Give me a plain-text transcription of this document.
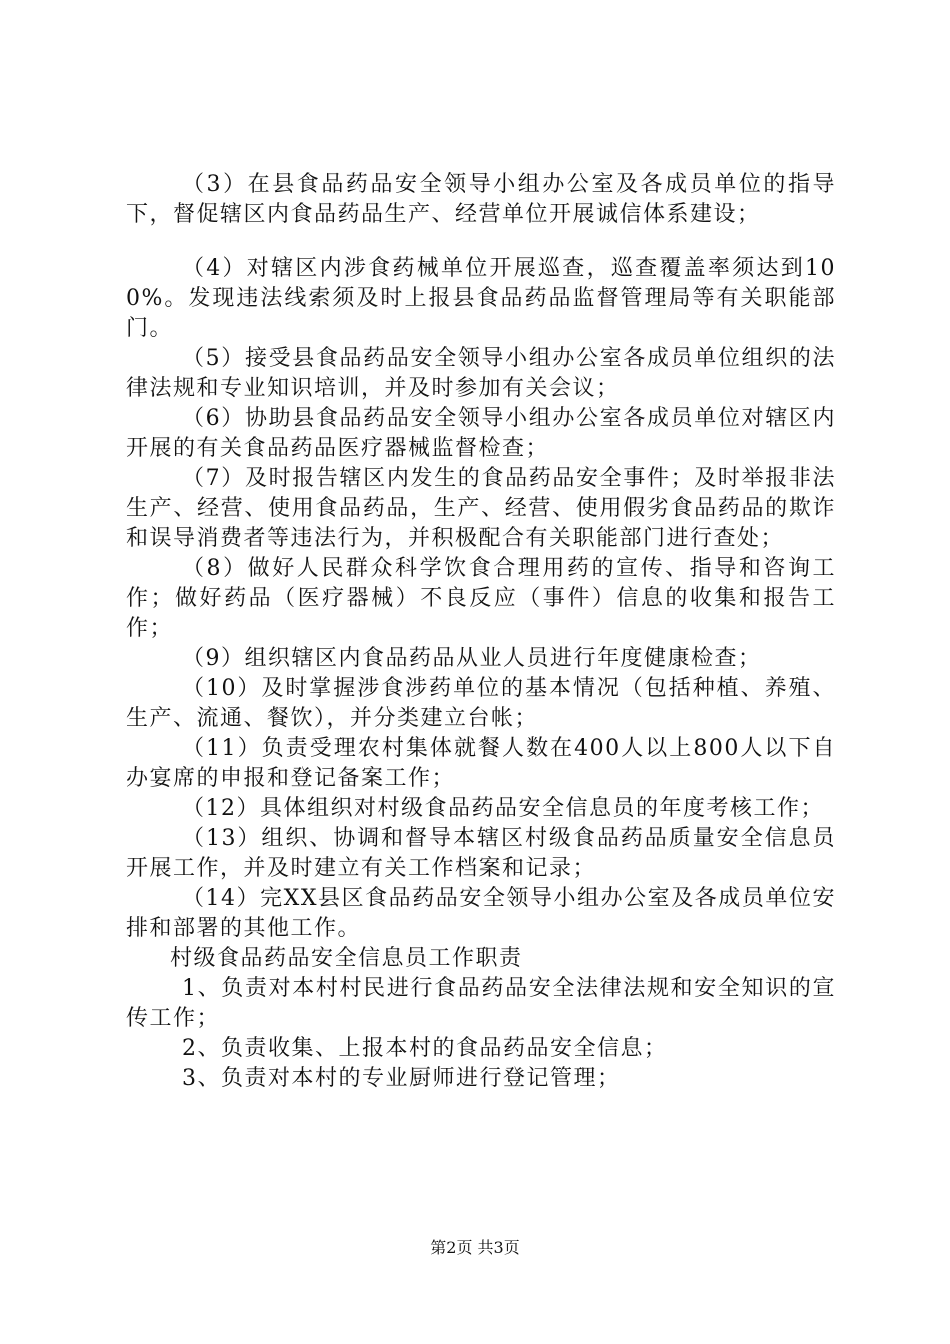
（3）在县食品药品安全领导小组办公室及各成员单位的指导下，督促辖区内食品药品生产、经营单位开展诚信体系建设；

（4）对辖区内涉食药械单位开展巡查，巡查覆盖率须达到100%。发现违法线索须及时上报县食品药品监督管理局等有关职能部门。

（5）接受县食品药品安全领导小组办公室各成员单位组织的法律法规和专业知识培训，并及时参加有关会议；

（6）协助县食品药品安全领导小组办公室各成员单位对辖区内开展的有关食品药品医疗器械监督检查；

（7）及时报告辖区内发生的食品药品安全事件；及时举报非法生产、经营、使用食品药品，生产、经营、使用假劣食品药品的欺诈和误导消费者等违法行为，并积极配合有关职能部门进行查处；

（8）做好人民群众科学饮食合理用药的宣传、指导和咨询工作；做好药品（医疗器械）不良反应（事件）信息的收集和报告工作；

（9）组织辖区内食品药品从业人员进行年度健康检查；

（10）及时掌握涉食涉药单位的基本情况（包括种植、养殖、生产、流通、餐饮），并分类建立台帐；

（11）负责受理农村集体就餐人数在400人以上800人以下自办宴席的申报和登记备案工作；

（12）具体组织对村级食品药品安全信息员的年度考核工作；

（13）组织、协调和督导本辖区村级食品药品质量安全信息员开展工作，并及时建立有关工作档案和记录；

（14）完XX县区食品药品安全领导小组办公室及各成员单位安排和部署的其他工作。

村级食品药品安全信息员工作职责

1、负责对本村村民进行食品药品安全法律法规和安全知识的宣传工作；

2、负责收集、上报本村的食品药品安全信息；

3、负责对本村的专业厨师进行登记管理；

第2页 共3页
